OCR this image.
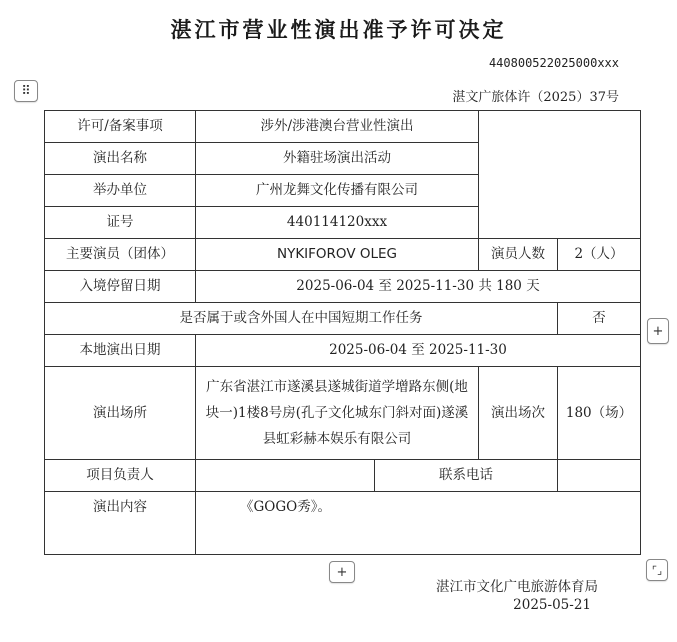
湛江市营业性演出准予许可决定
440800522025000xxx
湛文广旅体许（2025）37号
⠿
许可/备案事项	涉外/涉港澳台营业性演出			
演出名称	外籍驻场演出活动			
举办单位	广州龙舞文化传播有限公司			
证号	440114120xxx			
主要演员（团体）	NYKIFOROV OLEG		演员人数	2（人）
入境停留日期	2025-06-04 至 2025-11-30 共 180 天			
是否属于或含外国人在中国短期工作任务				否
本地演出日期	2025-06-04 至 2025-11-30			
演出场所	广东省湛江市遂溪县遂城街道学增路东侧(地块一)1楼8号房(孔子文化城东门斜对面)遂溪县虹彩赫本娱乐有限公司		演出场次	180（场）
项目负责人		联系电话		
演出内容	《GOGO秀》。			
+
+	⌜⌟
湛江市文化广电旅游体育局
2025-05-21
